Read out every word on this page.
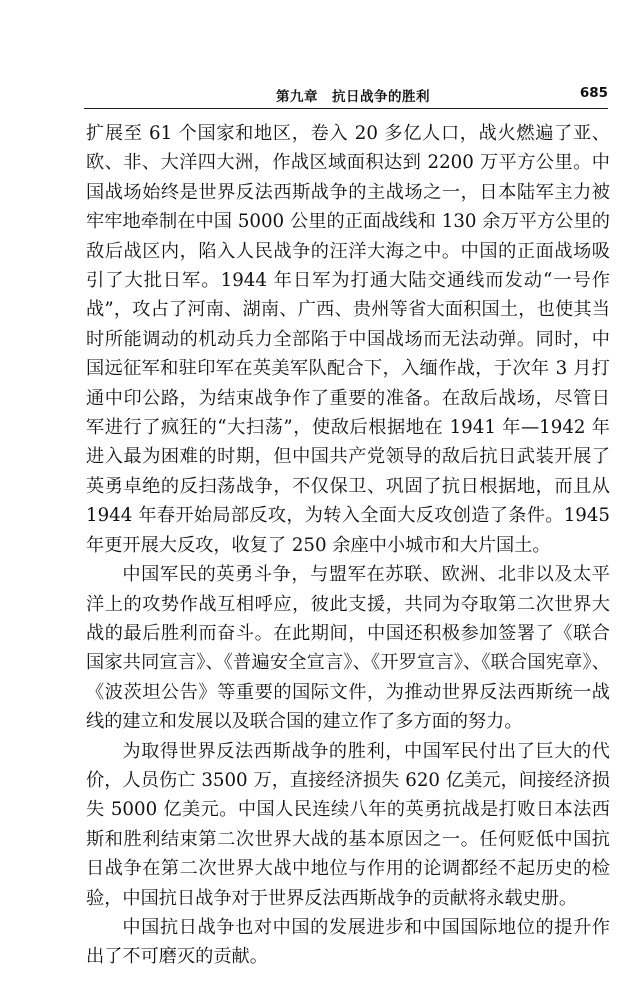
第九章　抗日战争的胜利	685

扩展至 61 个国家和地区，卷入 20 多亿人口，战火燃遍了亚、欧、非、大洋四大洲，作战区域面积达到 2200 万平方公里。中国战场始终是世界反法西斯战争的主战场之一，日本陆军主力被牢牢地牵制在中国 5000 公里的正面战线和 130 余万平方公里的敌后战区内，陷入人民战争的汪洋大海之中。中国的正面战场吸引了大批日军。1944 年日军为打通大陆交通线而发动“一号作战”，攻占了河南、湖南、广西、贵州等省大面积国土，也使其当时所能调动的机动兵力全部陷于中国战场而无法动弹。同时，中国远征军和驻印军在英美军队配合下，入缅作战，于次年 3 月打通中印公路，为结束战争作了重要的准备。在敌后战场，尽管日军进行了疯狂的“大扫荡”，使敌后根据地在 1941 年—1942 年进入最为困难的时期，但中国共产党领导的敌后抗日武装开展了英勇卓绝的反扫荡战争，不仅保卫、巩固了抗日根据地，而且从 1944 年春开始局部反攻，为转入全面大反攻创造了条件。1945 年更开展大反攻，收复了 250 余座中小城市和大片国土。

中国军民的英勇斗争，与盟军在苏联、欧洲、北非以及太平洋上的攻势作战互相呼应，彼此支援，共同为夺取第二次世界大战的最后胜利而奋斗。在此期间，中国还积极参加签署了《联合国家共同宣言》、《普遍安全宣言》、《开罗宣言》、《联合国宪章》、《波茨坦公告》等重要的国际文件，为推动世界反法西斯统一战线的建立和发展以及联合国的建立作了多方面的努力。

为取得世界反法西斯战争的胜利，中国军民付出了巨大的代价，人员伤亡 3500 万，直接经济损失 620 亿美元，间接经济损失 5000 亿美元。中国人民连续八年的英勇抗战是打败日本法西斯和胜利结束第二次世界大战的基本原因之一。任何贬低中国抗日战争在第二次世界大战中地位与作用的论调都经不起历史的检验，中国抗日战争对于世界反法西斯战争的贡献将永载史册。

中国抗日战争也对中国的发展进步和中国国际地位的提升作出了不可磨灭的贡献。
